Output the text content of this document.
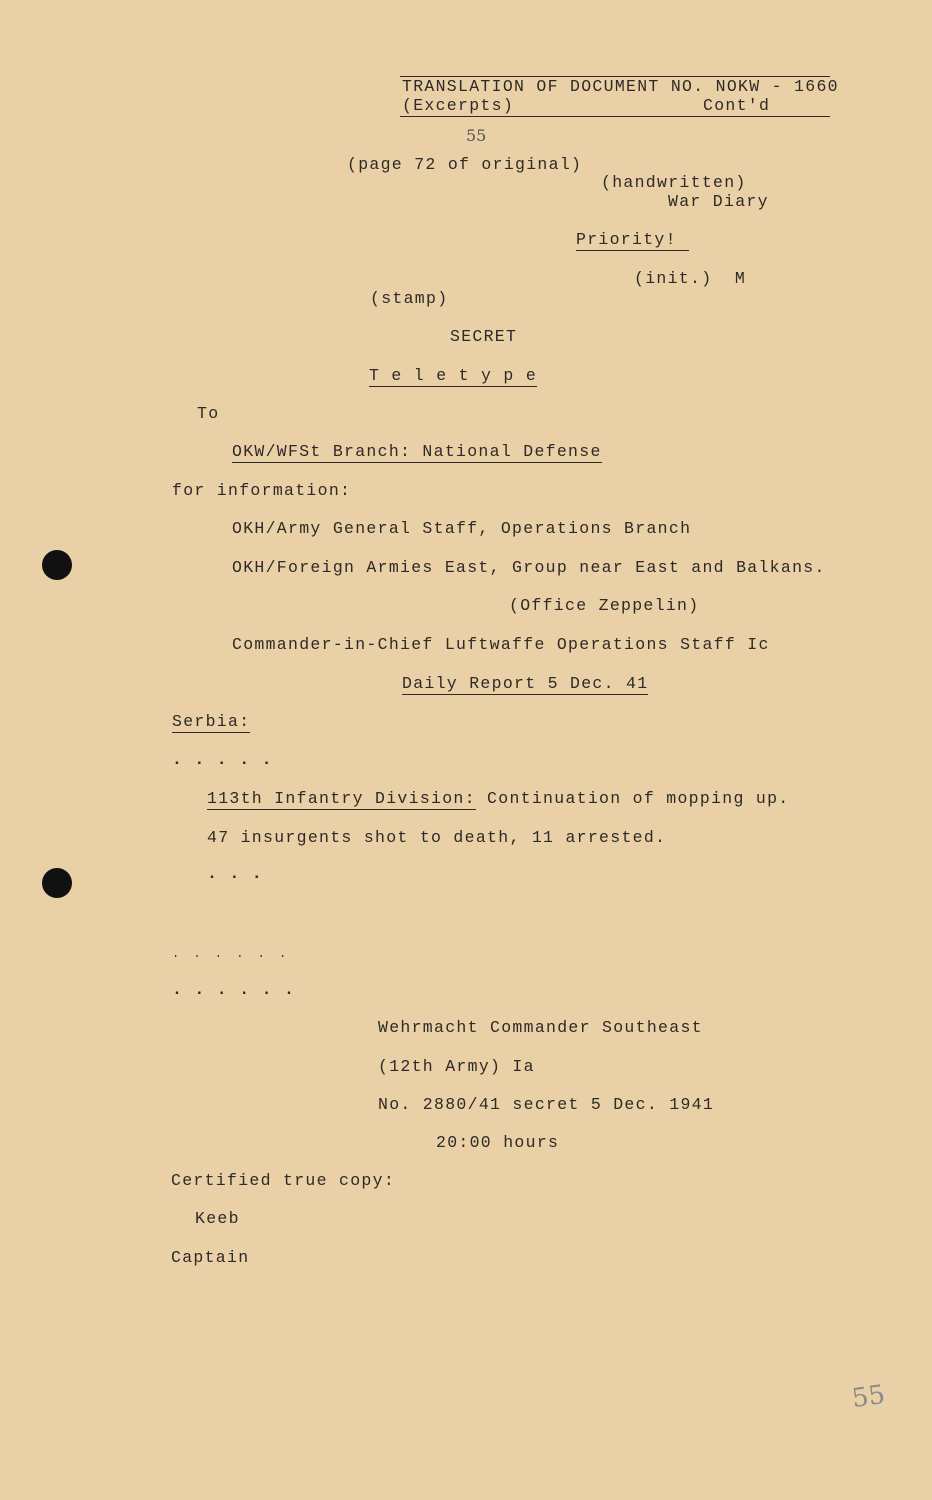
TRANSLATION OF DOCUMENT NO. NOKW - 1660
(Excerpts)	Cont'd
55
(page 72 of original)
(handwritten)
War Diary
Priority!
(init.)  M
(stamp)
SECRET
T e l e t y p e
To
OKW/WFSt Branch: National Defense
for information:
OKH/Army General Staff, Operations Branch
OKH/Foreign Armies East, Group near East and Balkans.
(Office Zeppelin)
Commander-in-Chief Luftwaffe Operations Staff Ic
Daily Report 5 Dec. 41
Serbia:
. . . . .
113th Infantry Division: Continuation of mopping up.
47 insurgents shot to death, 11 arrested.
. . .
. . . . . .
. . . . . .
Wehrmacht Commander Southeast
(12th Army) Ia
No. 2880/41 secret 5 Dec. 1941
20:00 hours
Certified true copy:
Keeb
Captain
55
